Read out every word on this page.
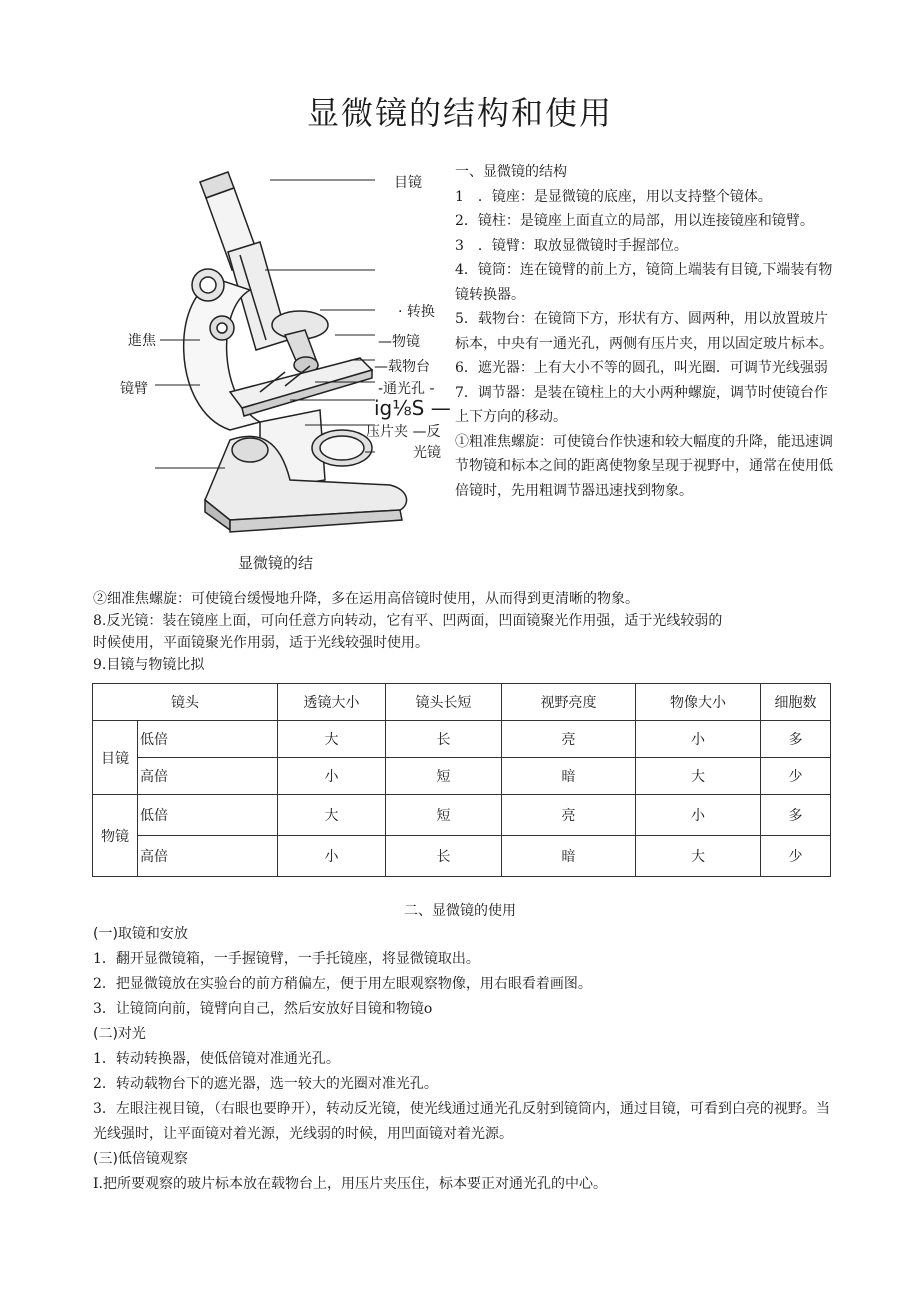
显微镜的结构和使用
目镜
· 转换
—物镜
—载物台
-通光孔 -
ig⅛S —
压片夹 —反
光镜
進焦
镜臂
显微镜的结

一、显微镜的结构

1　．镜座：是显微镜的底座，用以支持整个镜体。

2．镜柱：是镜座上面直立的局部，用以连接镜座和镜臂。

3　．镜臂：取放显微镜时手握部位。

4．镜筒：连在镜臂的前上方，镜筒上端装有目镜,下端装有物镜转换器。

5．载物台：在镜筒下方，形状有方、圆两种，用以放置玻片标本，中央有一通光孔，两侧有压片夹，用以固定玻片标本。

6．遮光器：上有大小不等的圆孔，叫光圈．可调节光线强弱

7．调节器：是装在镜柱上的大小两种螺旋，调节时使镜台作上下方向的移动。

①粗准焦螺旋：可使镜台作快速和较大幅度的升降，能迅速调节物镜和标本之间的距离使物象呈现于视野中，通常在使用低倍镜时，先用粗调节器迅速找到物象。

②细准焦螺旋：可使镜台缓慢地升降，多在运用高倍镜时使用，从而得到更清晰的物象。

8.反光镜：装在镜座上面，可向任意方向转动，它有平、凹两面，凹面镜聚光作用强，适于光线较弱的

时候使用，平面镜聚光作用弱，适于光线较强时使用。

9.目镜与物镜比拟

镜头		透镜大小	镜头长短	视野亮度	物像大小	细胞数
目镜	低倍	大	长	亮	小	多
	高倍	小	短	暗	大	少
物镜	低倍	大	短	亮	小	多
	高倍	小	长	暗	大	少
二、显微镜的使用

(一)取镜和安放

1．翻开显微镜箱，一手握镜臂，一手托镜座，将显微镜取出。

2．把显微镜放在实验台的前方稍偏左，便于用左眼观察物像，用右眼看着画图。

3．让镜筒向前，镜臂向自己，然后安放好目镜和物镜o

(二)对光

1．转动转换器，使低倍镜对准通光孔。

2．转动载物台下的遮光器，选一较大的光圈对准光孔。

3．左眼注视目镜，（右眼也要睁开），转动反光镜，使光线通过通光孔反射到镜筒内，通过目镜，可看到白亮的视野。当光线强时，让平面镜对着光源，光线弱的时候，用凹面镜对着光源。

(三)低倍镜观察

I.把所要观察的玻片标本放在载物台上，用压片夹压住，标本要正对通光孔的中心。
